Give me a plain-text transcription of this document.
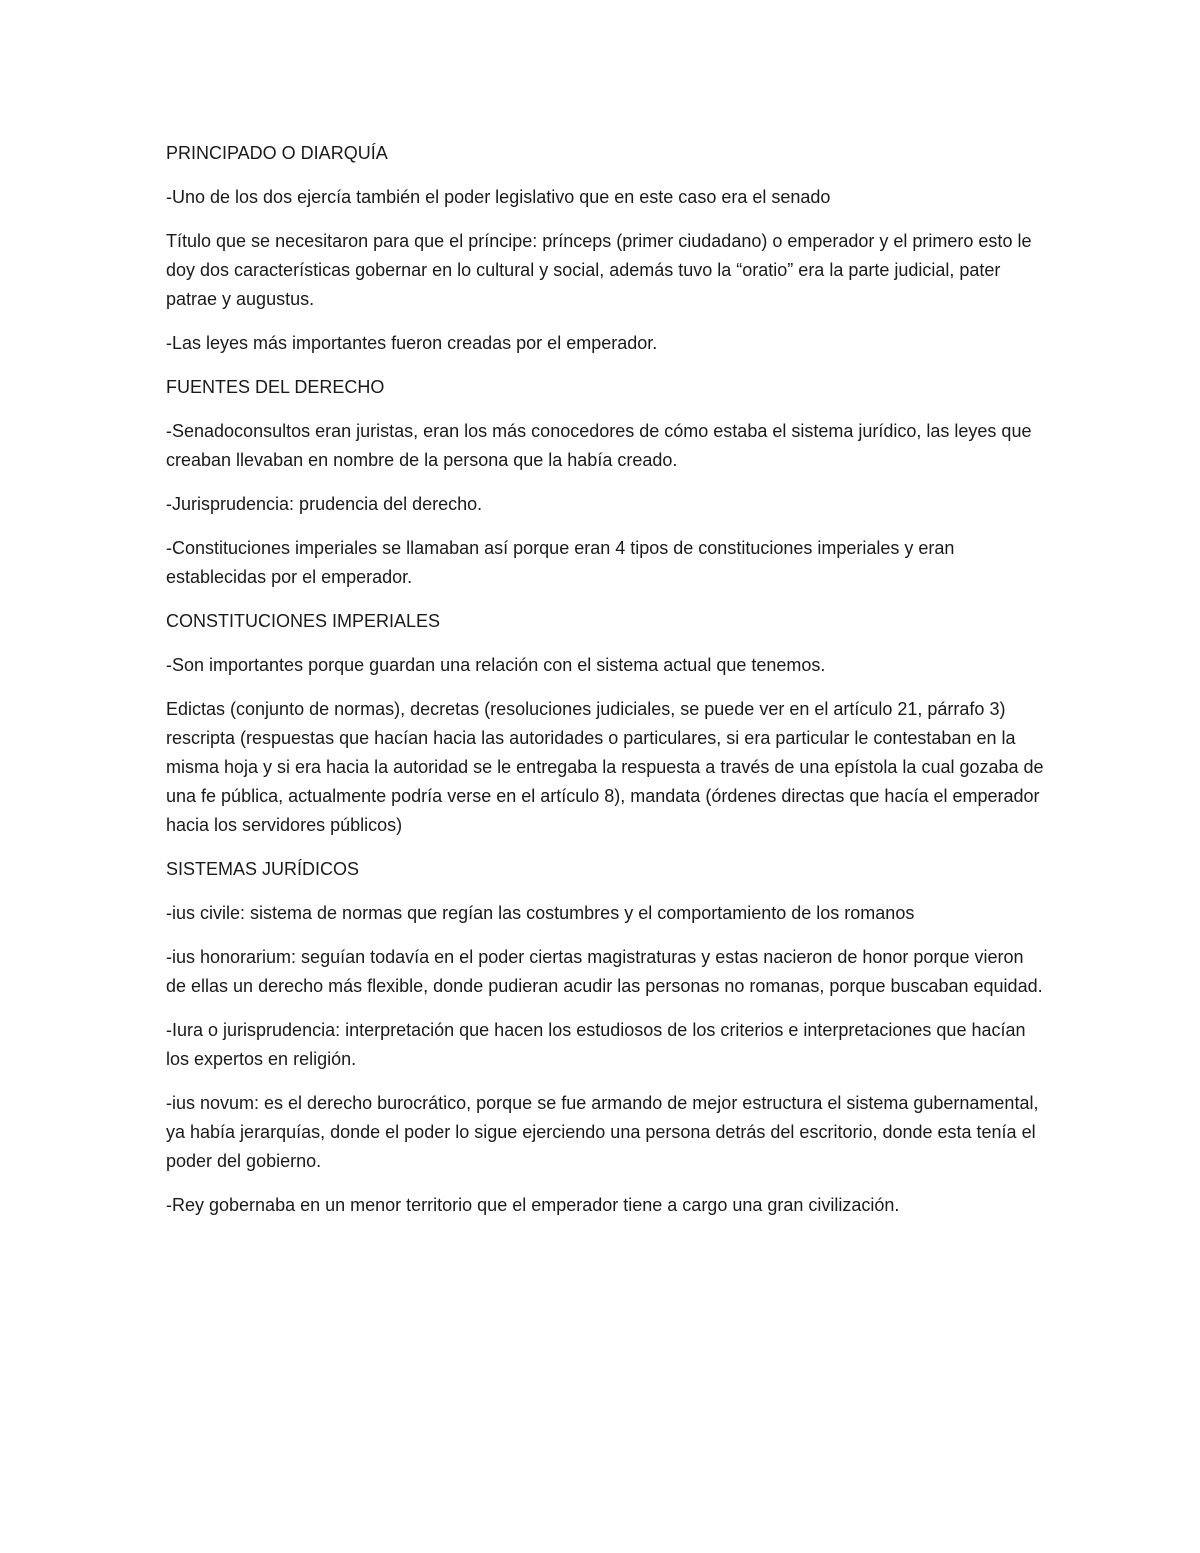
PRINCIPADO O DIARQUÍA

-Uno de los dos ejercía también el poder legislativo que en este caso era el senado

Título que se necesitaron para que el príncipe: prínceps (primer ciudadano) o emperador y el primero esto le doy dos características gobernar en lo cultural y social, además tuvo la “oratio” era la parte judicial, pater patrae y augustus.

-Las leyes más importantes fueron creadas por el emperador.

FUENTES DEL DERECHO

-Senadoconsultos eran juristas, eran los más conocedores de cómo estaba el sistema jurídico, las leyes que creaban llevaban en nombre de la persona que la había creado.

-Jurisprudencia: prudencia del derecho.

-Constituciones imperiales se llamaban así porque eran 4 tipos de constituciones imperiales y eran establecidas por el emperador.

CONSTITUCIONES IMPERIALES

-Son importantes porque guardan una relación con el sistema actual que tenemos.

Edictas (conjunto de normas), decretas (resoluciones judiciales, se puede ver en el artículo 21, párrafo 3) rescripta (respuestas que hacían hacia las autoridades o particulares, si era particular le contestaban en la misma hoja y si era hacia la autoridad se le entregaba la respuesta a través de una epístola la cual gozaba de una fe pública, actualmente podría verse en el artículo 8), mandata (órdenes directas que hacía el emperador hacia los servidores públicos)

SISTEMAS JURÍDICOS

-ius civile: sistema de normas que regían las costumbres y el comportamiento de los romanos

-ius honorarium: seguían todavía en el poder ciertas magistraturas y estas nacieron de honor porque vieron de ellas un derecho más flexible, donde pudieran acudir las personas no romanas, porque buscaban equidad.

-Iura o jurisprudencia: interpretación que hacen los estudiosos de los criterios e interpretaciones que hacían los expertos en religión.

-ius novum: es el derecho burocrático, porque se fue armando de mejor estructura el sistema gubernamental, ya había jerarquías, donde el poder lo sigue ejerciendo una persona detrás del escritorio, donde esta tenía el poder del gobierno.

-Rey gobernaba en un menor territorio que el emperador tiene a cargo una gran civilización.
